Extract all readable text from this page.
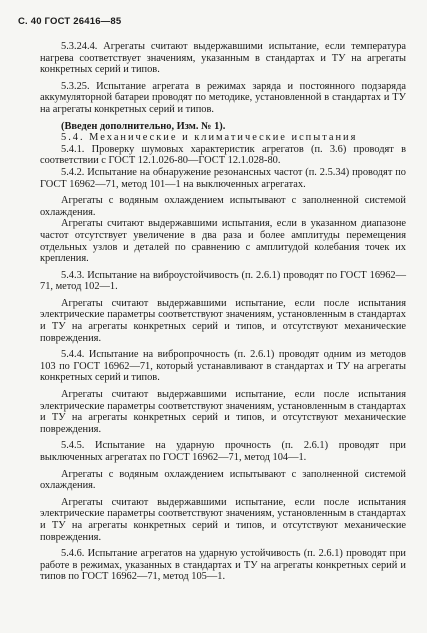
С. 40 ГОСТ 26416—85

5.3.24.4. Агрегаты считают выдержавшими испытание, если температура нагрева соответствует значениям, указанным в стандартах и ТУ на агрегаты конкретных серий и типов.

5.3.25. Испытание агрегата в режимах заряда и постоянного подзаряда аккумуляторной батареи проводят по методике, установленной в стандартах и ТУ на агрегаты конкретных серий и типов.

(Введен дополнительно, Изм. № 1).

5.4. Механические и климатические испытания

5.4.1. Проверку шумовых характеристик агрегатов (п. 3.6) проводят в соответствии с ГОСТ 12.1.026-80—ГОСТ 12.1.028-80.

5.4.2. Испытание на обнаружение резонансных частот (п. 2.5.34) проводят по ГОСТ 16962—71, метод 101—1 на выключенных агрегатах.

Агрегаты с водяным охлаждением испытывают с заполненной системой охлаждения.

Агрегаты считают выдержавшими испытания, если в указанном диапазоне частот отсутствует увеличение в два раза и более амплитуды перемещения отдельных узлов и деталей по сравнению с амплитудой колебания точек их крепления.

5.4.3. Испытание на виброустойчивость (п. 2.6.1) проводят по ГОСТ 16962—71, метод 102—1.

Агрегаты считают выдержавшими испытание, если после испытания электрические параметры соответствуют значениям, установленным в стандартах и ТУ на агрегаты конкретных серий и типов, и отсутствуют механические повреждения.

5.4.4. Испытание на вибропрочность (п. 2.6.1) проводят одним из методов 103 по ГОСТ 16962—71, который устанавливают в стандартах и ТУ на агрегаты конкретных серий и типов.

Агрегаты считают выдержавшими испытание, если после испытания электрические параметры соответствуют значениям, установленным в стандартах и ТУ на агрегаты конкретных серий и типов, и отсутствуют механические повреждения.

5.4.5. Испытание на ударную прочность (п. 2.6.1) проводят при выключенных агрегатах по ГОСТ 16962—71, метод 104—1.

Агрегаты с водяным охлаждением испытывают с заполненной системой охлаждения.

Агрегаты считают выдержавшими испытание, если после испытания электрические параметры соответствуют значениям, установленным в стандартах и ТУ на агрегаты конкретных серий и типов, и отсутствуют механические повреждения.

5.4.6. Испытание агрегатов на ударную устойчивость (п. 2.6.1) проводят при работе в режимах, указанных в стандартах и ТУ на агрегаты конкретных серий и типов по ГОСТ 16962—71, метод 105—1.
